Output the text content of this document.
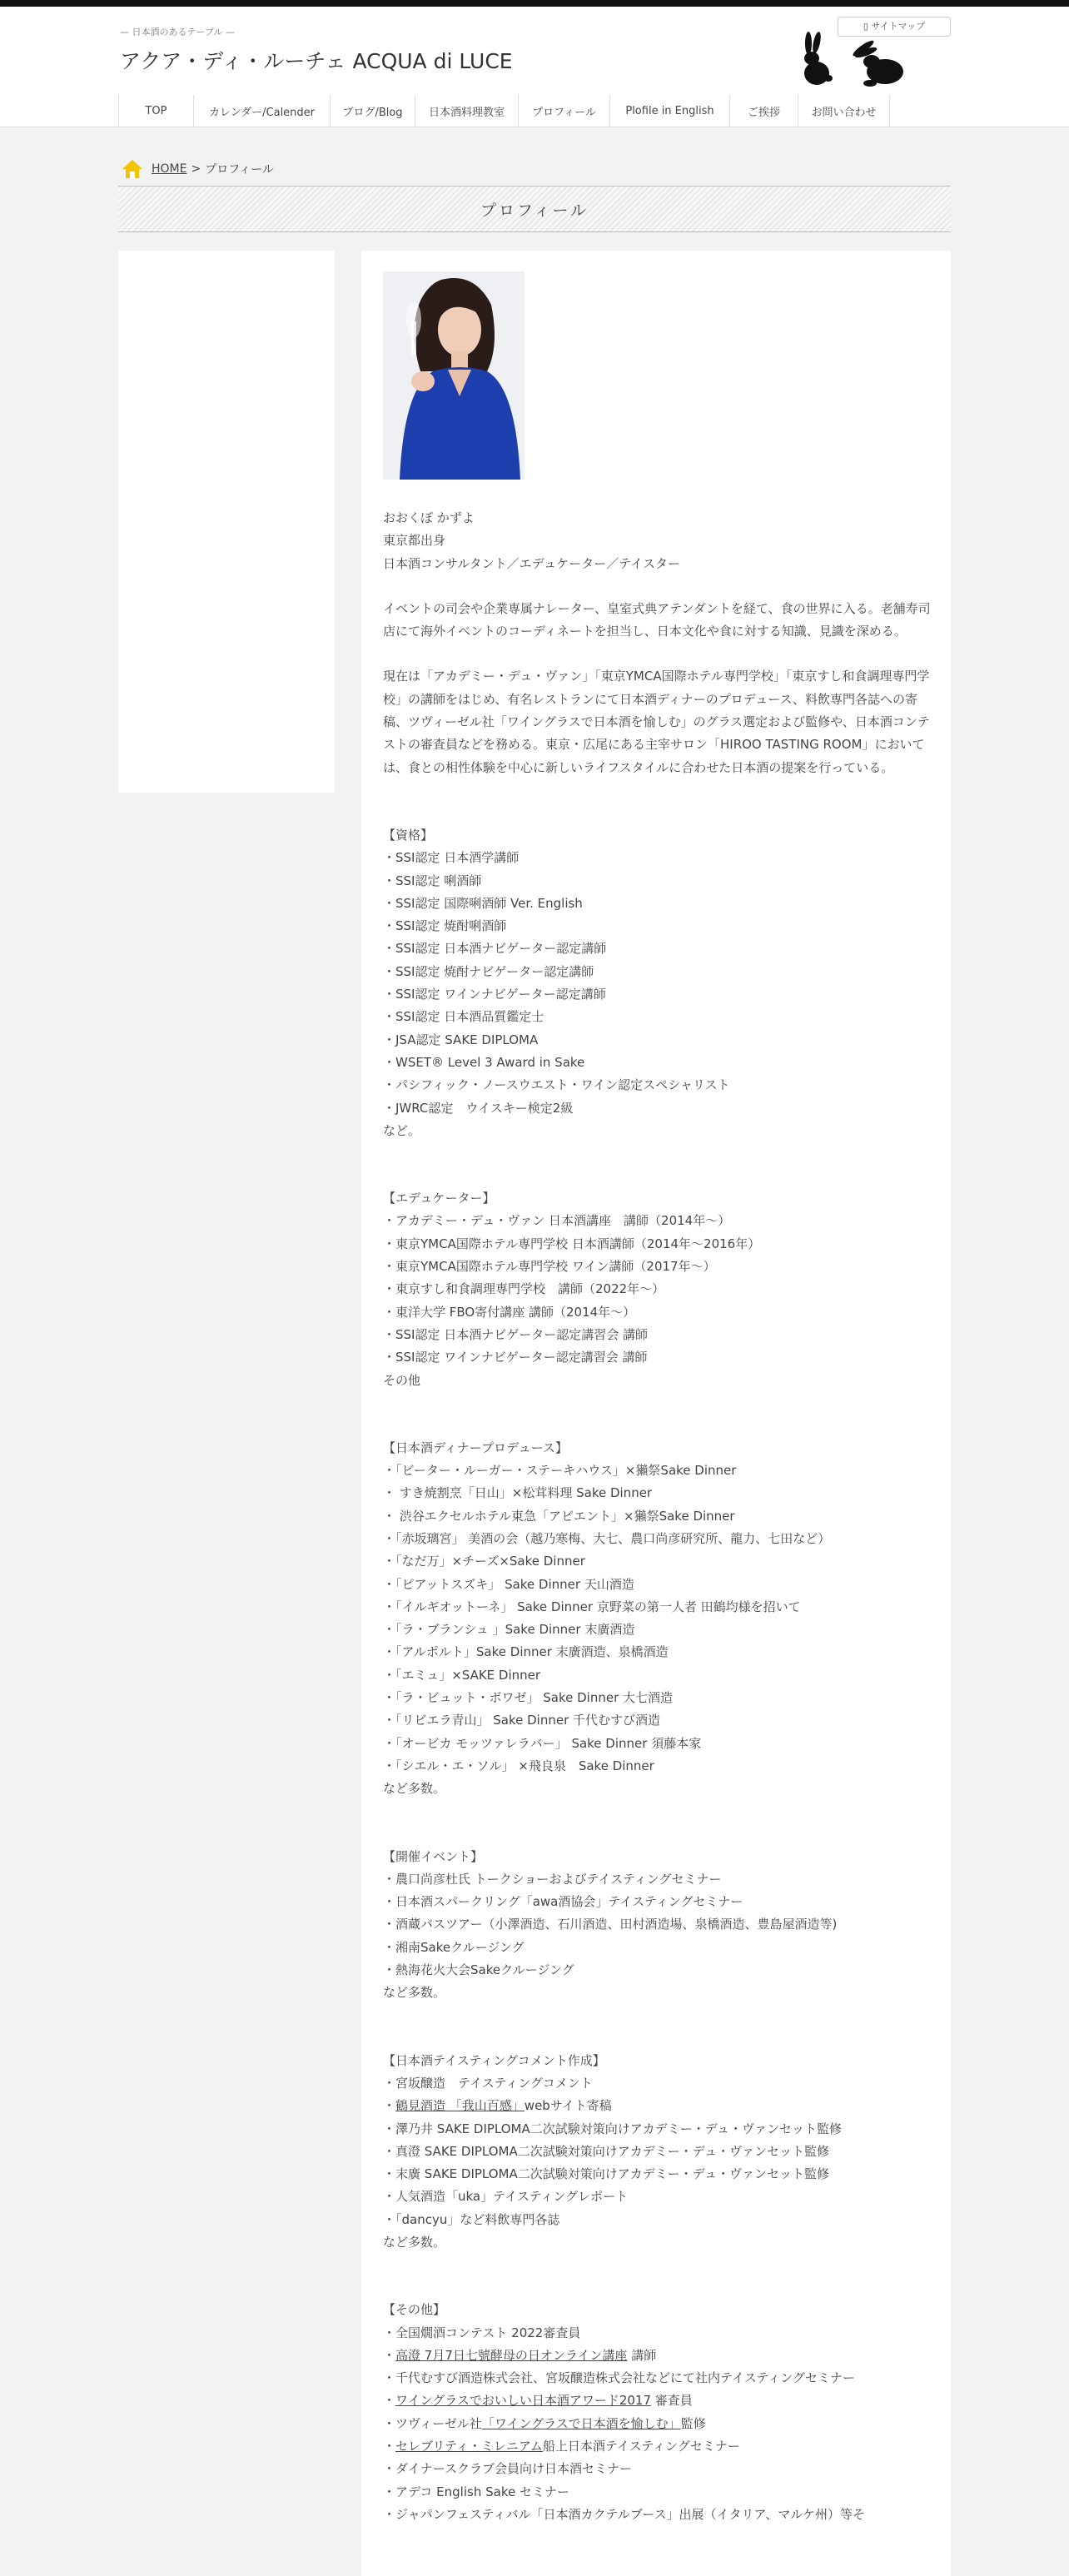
— 日本酒のあるテーブル —
アクア・ディ・ルーチェ ACQUA di LUCE
▯ サイトマップ
TOP	カレンダー/Calender	ブログ/Blog	日本酒料理教室	プロフィール	Plofile in English	ご挨拶	お問い合わせ
HOME > プロフィール
プロフィール
おおくぼ かずよ
東京都出身
日本酒コンサルタント／エデュケーター／テイスター

イベントの司会や企業専属ナレーター、皇室式典アテンダントを経て、食の世界に入る。老舗寿司店にて海外イベントのコーディネートを担当し、日本文化や食に対する知識、見識を深める。

現在は「アカデミー・デュ・ヴァン」「東京YMCA国際ホテル専門学校」「東京すし和食調理専門学校」の講師をはじめ、有名レストランにて日本酒ディナーのプロデュース、料飲専門各誌への寄稿、ツヴィーゼル社「ワイングラスで日本酒を愉しむ」のグラス選定および監修や、日本酒コンテストの審査員などを務める。東京・広尾にある主宰サロン「HIROO TASTING ROOM」においては、食との相性体験を中心に新しいライフスタイルに合わせた日本酒の提案を行っている。

【資格】
・SSI認定 日本酒学講師
・SSI認定 唎酒師
・SSI認定 国際唎酒師 Ver. English
・SSI認定 焼酎唎酒師
・SSI認定 日本酒ナビゲーター認定講師
・SSI認定 焼酎ナビゲーター認定講師
・SSI認定 ワインナビゲーター認定講師
・SSI認定 日本酒品質鑑定士
・JSA認定 SAKE DIPLOMA
・WSET® Level 3 Award in Sake
・パシフィック・ノースウエスト・ワイン認定スペシャリスト
・JWRC認定　ウイスキー検定2級
など。
【エデュケーター】
・アカデミー・デュ・ヴァン 日本酒講座　講師（2014年〜）
・東京YMCA国際ホテル専門学校 日本酒講師（2014年〜2016年）
・東京YMCA国際ホテル専門学校 ワイン講師（2017年〜）
・東京すし和食調理専門学校　講師（2022年〜）
・東洋大学 FBO寄付講座 講師（2014年〜）
・SSI認定 日本酒ナビゲーター認定講習会 講師
・SSI認定 ワインナビゲーター認定講習会 講師
その他
【日本酒ディナープロデュース】
・「ビーター・ルーガー・ステーキハウス」×獺祭Sake Dinner
・ すき焼割烹「日山」×松茸料理 Sake Dinner
・ 渋谷エクセルホテル東急「アピエント」×獺祭Sake Dinner
・「赤坂璃宮」 美酒の会（越乃寒梅、大七、農口尚彦研究所、龍力、七田など）
・「なだ万」×チーズ×Sake Dinner
・「ピアットスズキ」 Sake Dinner 天山酒造
・「イルギオットーネ」 Sake Dinner 京野菜の第一人者 田鶴均様を招いて
・「ラ・ブランシュ 」Sake Dinner 末廣酒造
・「アルポルト」Sake Dinner 末廣酒造、泉橋酒造
・「エミュ」×SAKE Dinner
・「ラ・ビュット・ボワゼ」 Sake Dinner 大七酒造
・「リビエラ青山」 Sake Dinner 千代むすび酒造
・「オービカ モッツァレラバー」 Sake Dinner 須藤本家
・「シエル・エ・ソル」 ×飛良泉　Sake Dinner
など多数。
【開催イベント】
・農口尚彦杜氏 トークショーおよびテイスティングセミナー
・日本酒スパークリング「awa酒協会」テイスティングセミナー
・酒蔵バスツアー（小澤酒造、石川酒造、田村酒造場、泉橋酒造、豊島屋酒造等)
・湘南Sakeクルージング
・熱海花火大会Sakeクルージング
など多数。
【日本酒テイスティングコメント作成】
・宮坂醸造　テイスティングコメント
・鶴見酒造 「我山百感」webサイト寄稿
・澤乃井 SAKE DIPLOMA二次試験対策向けアカデミー・デュ・ヴァンセット監修
・真澄 SAKE DIPLOMA二次試験対策向けアカデミー・デュ・ヴァンセット監修
・末廣 SAKE DIPLOMA二次試験対策向けアカデミー・デュ・ヴァンセット監修
・人気酒造「uka」テイスティングレポート
・「dancyu」など料飲専門各誌
など多数。
【その他】
・全国燗酒コンテスト 2022審査員
・高澄 7月7日七號酵母の日オンライン講座 講師
・千代むすび酒造株式会社、宮坂醸造株式会社などにて社内テイスティングセミナー
・ワイングラスでおいしい日本酒アワード2017 審査員
・ツヴィーゼル社「ワイングラスで日本酒を愉しむ」監修
・セレブリティ・ミレニアム船上日本酒テイスティングセミナー
・ダイナースクラブ会員向け日本酒セミナー
・アデコ English Sake セミナー
・ジャパンフェスティバル「日本酒カクテルブース」出展（イタリア、マルケ州）等そ
